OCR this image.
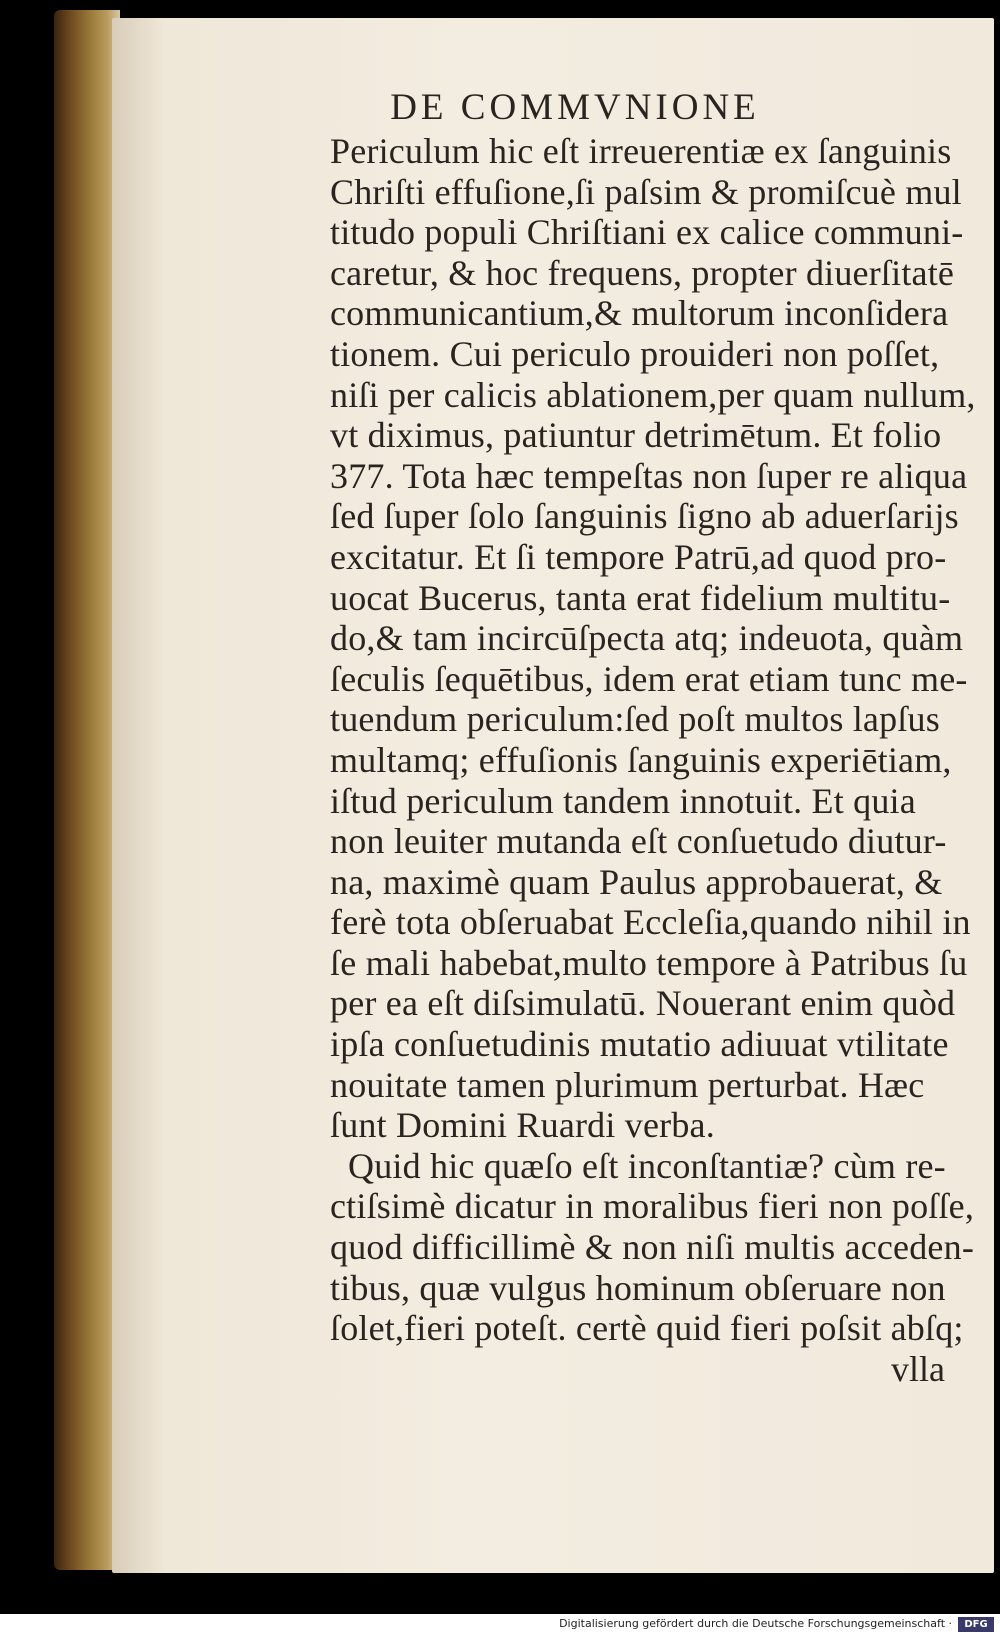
DE COMMVNIONE
Periculum hic eſt irreuerentiæ ex ſanguinis
Chriſti effuſione,ſi paſsim & promiſcuè mul
titudo populi Chriſtiani ex calice communi-
caretur, & hoc frequens, propter diuerſitatē
communicantium,& multorum inconſidera
tionem. Cui periculo prouideri non poſſet,
niſi per calicis ablationem,per quam nullum,
vt diximus, patiuntur detrimētum. Et folio
377. Tota hæc tempeſtas non ſuper re aliqua
ſed ſuper ſolo ſanguinis ſigno ab aduerſarijs
excitatur. Et ſi tempore Patrū,ad quod pro-
uocat Bucerus, tanta erat fidelium multitu-
do,& tam incircūſpecta atq; indeuota, quàm
ſeculis ſequētibus, idem erat etiam tunc me-
tuendum periculum:ſed poſt multos lapſus
multamq; effuſionis ſanguinis experiētiam,
iſtud periculum tandem innotuit. Et quia
non leuiter mutanda eſt conſuetudo diutur-
na, maximè quam Paulus approbauerat, &
ferè tota obſeruabat Eccleſia,quando nihil in
ſe mali habebat,multo tempore à Patribus ſu
per ea eſt diſsimulatū. Nouerant enim quòd
ipſa conſuetudinis mutatio adiuuat vtilitate
nouitate tamen plurimum perturbat. Hæc
ſunt Domini Ruardi verba.
Quid hic quæſo eſt inconſtantiæ? cùm re-
ctiſsimè dicatur in moralibus fieri non poſſe,
quod difficillimè & non niſi multis acceden-
tibus, quæ vulgus hominum obſeruare non
ſolet,fieri poteſt. certè quid fieri poſsit abſq;
vlla
Digitalisierung gefördert durch die Deutsche Forschungsgemeinschaft ·	DFG
